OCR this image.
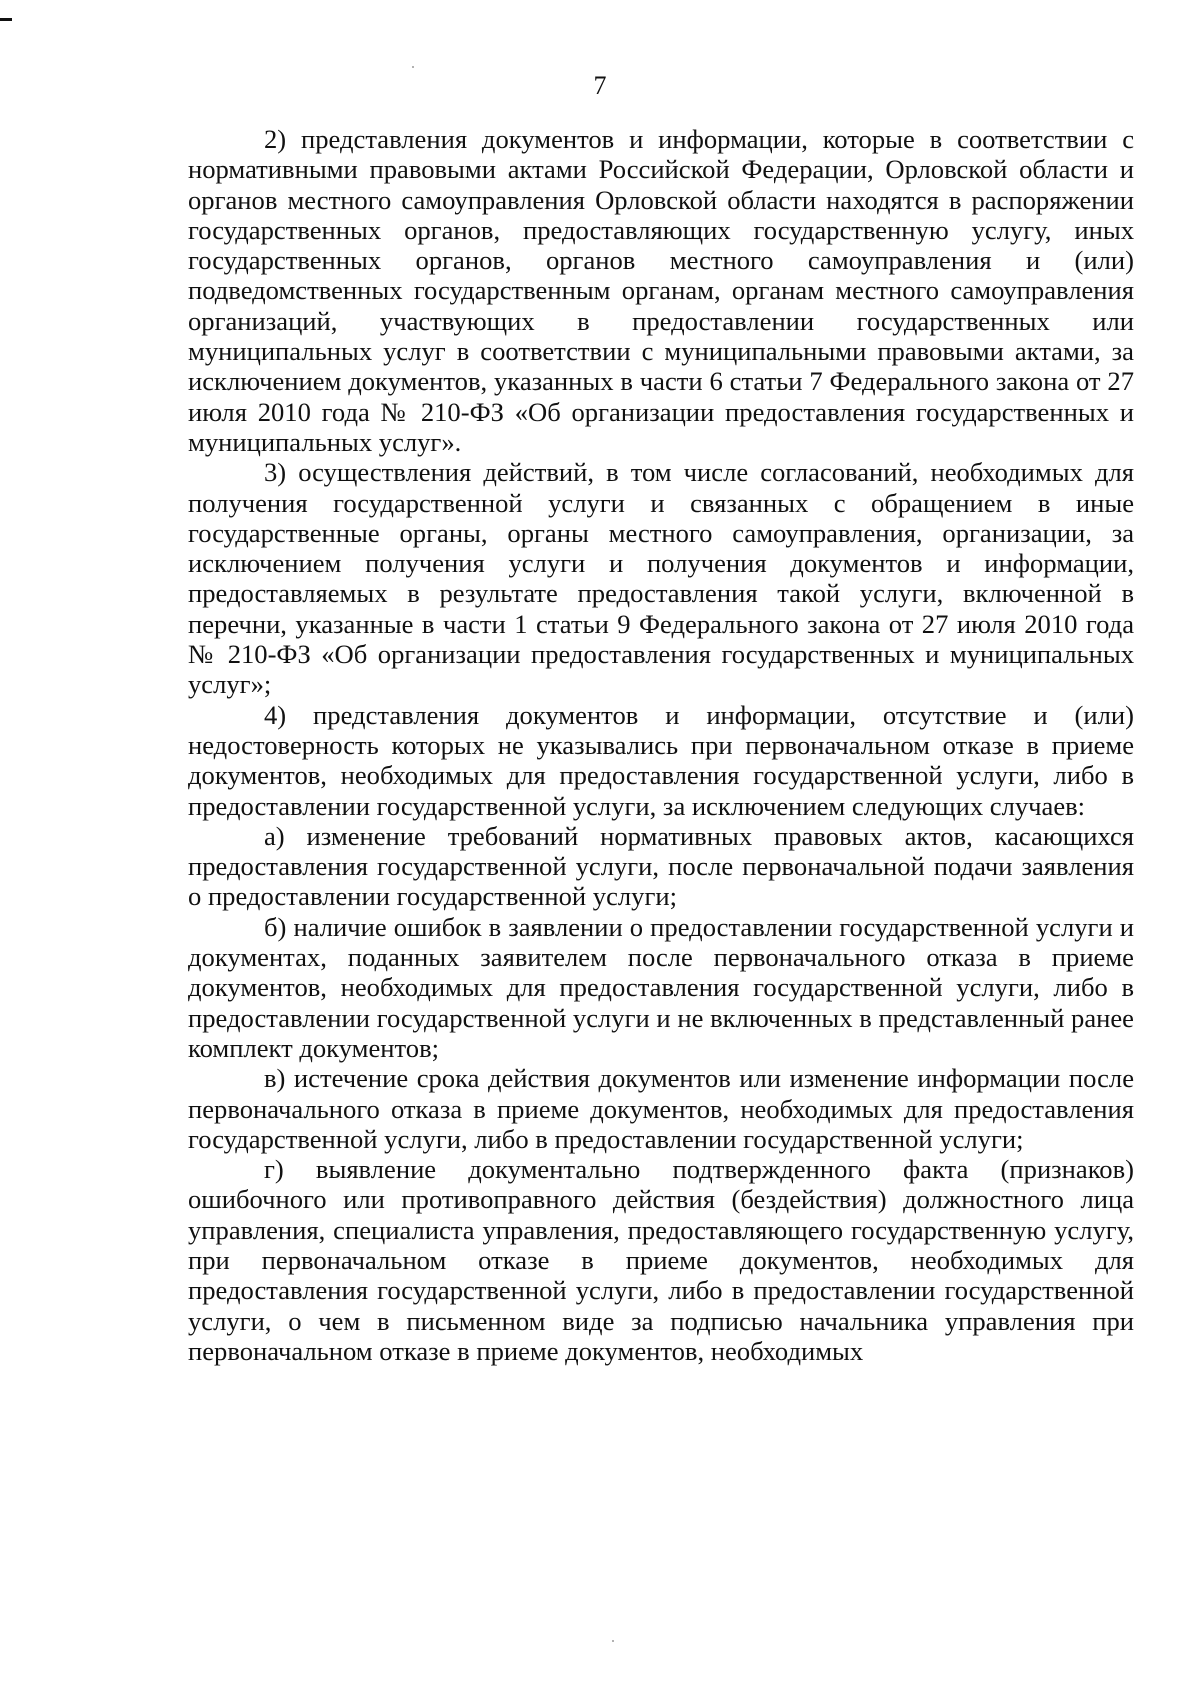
7

2) представления документов и информации, которые в соответствии с нормативными правовыми актами Российской Федерации, Орловской области и органов местного самоуправления Орловской области находятся в распоряжении государственных органов, предоставляющих государственную услугу, иных государственных органов, органов местного самоуправления и (или) подведомственных государственным органам, органам местного самоуправления организаций, участвующих в предоставлении государственных или муниципальных услуг в соответствии с муниципальными правовыми актами, за исключением документов, указанных в части 6 статьи 7 Федерального закона от 27 июля 2010 года № 210-ФЗ «Об организации предоставления государственных и муниципальных услуг».

3) осуществления действий, в том числе согласований, необходимых для получения государственной услуги и связанных с обращением в иные государственные органы, органы местного самоуправления, организации, за исключением получения услуги и получения документов и информации, предоставляемых в результате предоставления такой услуги, включенной в перечни, указанные в части 1 статьи 9 Федерального закона от 27 июля 2010 года № 210-ФЗ «Об организации предоставления государственных и муниципальных услуг»;

4) представления документов и информации, отсутствие и (или) недостоверность которых не указывались при первоначальном отказе в приеме документов, необходимых для предоставления государственной услуги, либо в предоставлении государственной услуги, за исключением следующих случаев:

а) изменение требований нормативных правовых актов, касающихся предоставления государственной услуги, после первоначальной подачи заявления о предоставлении государственной услуги;

б) наличие ошибок в заявлении о предоставлении государственной услуги и документах, поданных заявителем после первоначального отказа в приеме документов, необходимых для предоставления государственной услуги, либо в предоставлении государственной услуги и не включенных в представленный ранее комплект документов;

в) истечение срока действия документов или изменение информации после первоначального отказа в приеме документов, необходимых для предоставления государственной услуги, либо в предоставлении государственной услуги;

г) выявление документально подтвержденного факта (признаков) ошибочного или противоправного действия (бездействия) должностного лица управления, специалиста управления, предоставляющего государственную услугу, при первоначальном отказе в приеме документов, необходимых для предоставления государственной услуги, либо в предоставлении государственной услуги, о чем в письменном виде за подписью начальника управления при первоначальном отказе в приеме документов, необходимых
